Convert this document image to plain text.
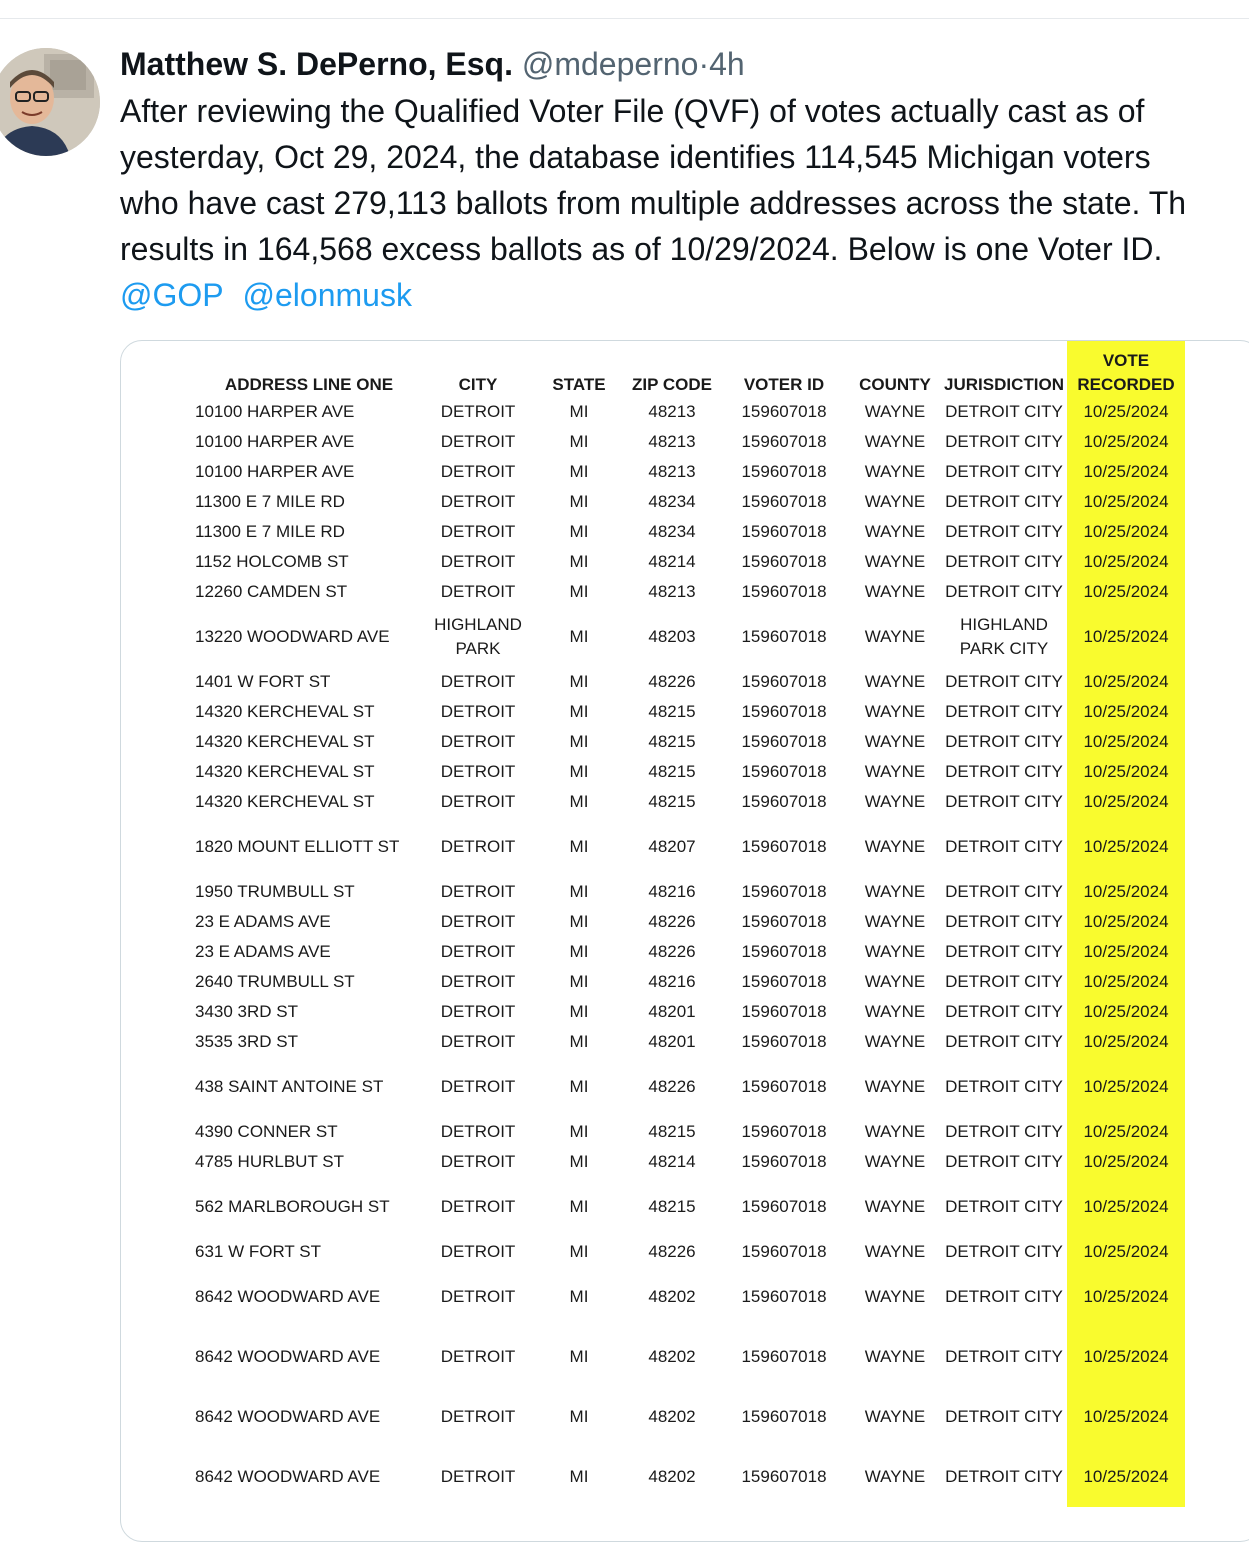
Matthew S. DePerno, Esq. @mdeperno·4h
After reviewing the Qualified Voter File (QVF) of votes actually cast as of
yesterday, Oct 29, 2024, the database identifies 114,545 Michigan voters
who have cast 279,113 ballots from multiple addresses across the state. Th
results in 164,568 excess ballots as of 10/29/2024. Below is one Voter ID.
@GOP @elonmusk
ADDRESS LINE ONE	CITY	STATE	ZIP CODE	VOTER ID	COUNTY	JURISDICTION	VOTE RECORDED
10100 HARPER AVE	DETROIT	MI	48213	159607018	WAYNE	DETROIT CITY	10/25/2024
10100 HARPER AVE	DETROIT	MI	48213	159607018	WAYNE	DETROIT CITY	10/25/2024
10100 HARPER AVE	DETROIT	MI	48213	159607018	WAYNE	DETROIT CITY	10/25/2024
11300 E 7 MILE RD	DETROIT	MI	48234	159607018	WAYNE	DETROIT CITY	10/25/2024
11300 E 7 MILE RD	DETROIT	MI	48234	159607018	WAYNE	DETROIT CITY	10/25/2024
1152 HOLCOMB ST	DETROIT	MI	48214	159607018	WAYNE	DETROIT CITY	10/25/2024
12260 CAMDEN ST	DETROIT	MI	48213	159607018	WAYNE	DETROIT CITY	10/25/2024
13220 WOODWARD AVE	HIGHLAND PARK	MI	48203	159607018	WAYNE	HIGHLAND PARK CITY	10/25/2024
1401 W FORT ST	DETROIT	MI	48226	159607018	WAYNE	DETROIT CITY	10/25/2024
14320 KERCHEVAL ST	DETROIT	MI	48215	159607018	WAYNE	DETROIT CITY	10/25/2024
14320 KERCHEVAL ST	DETROIT	MI	48215	159607018	WAYNE	DETROIT CITY	10/25/2024
14320 KERCHEVAL ST	DETROIT	MI	48215	159607018	WAYNE	DETROIT CITY	10/25/2024
14320 KERCHEVAL ST	DETROIT	MI	48215	159607018	WAYNE	DETROIT CITY	10/25/2024
1820 MOUNT ELLIOTT ST	DETROIT	MI	48207	159607018	WAYNE	DETROIT CITY	10/25/2024
1950 TRUMBULL ST	DETROIT	MI	48216	159607018	WAYNE	DETROIT CITY	10/25/2024
23 E ADAMS AVE	DETROIT	MI	48226	159607018	WAYNE	DETROIT CITY	10/25/2024
23 E ADAMS AVE	DETROIT	MI	48226	159607018	WAYNE	DETROIT CITY	10/25/2024
2640 TRUMBULL ST	DETROIT	MI	48216	159607018	WAYNE	DETROIT CITY	10/25/2024
3430 3RD ST	DETROIT	MI	48201	159607018	WAYNE	DETROIT CITY	10/25/2024
3535 3RD ST	DETROIT	MI	48201	159607018	WAYNE	DETROIT CITY	10/25/2024
438 SAINT ANTOINE ST	DETROIT	MI	48226	159607018	WAYNE	DETROIT CITY	10/25/2024
4390 CONNER ST	DETROIT	MI	48215	159607018	WAYNE	DETROIT CITY	10/25/2024
4785 HURLBUT ST	DETROIT	MI	48214	159607018	WAYNE	DETROIT CITY	10/25/2024
562 MARLBOROUGH ST	DETROIT	MI	48215	159607018	WAYNE	DETROIT CITY	10/25/2024
631 W FORT ST	DETROIT	MI	48226	159607018	WAYNE	DETROIT CITY	10/25/2024
8642 WOODWARD AVE	DETROIT	MI	48202	159607018	WAYNE	DETROIT CITY	10/25/2024
8642 WOODWARD AVE	DETROIT	MI	48202	159607018	WAYNE	DETROIT CITY	10/25/2024
8642 WOODWARD AVE	DETROIT	MI	48202	159607018	WAYNE	DETROIT CITY	10/25/2024
8642 WOODWARD AVE	DETROIT	MI	48202	159607018	WAYNE	DETROIT CITY	10/25/2024
